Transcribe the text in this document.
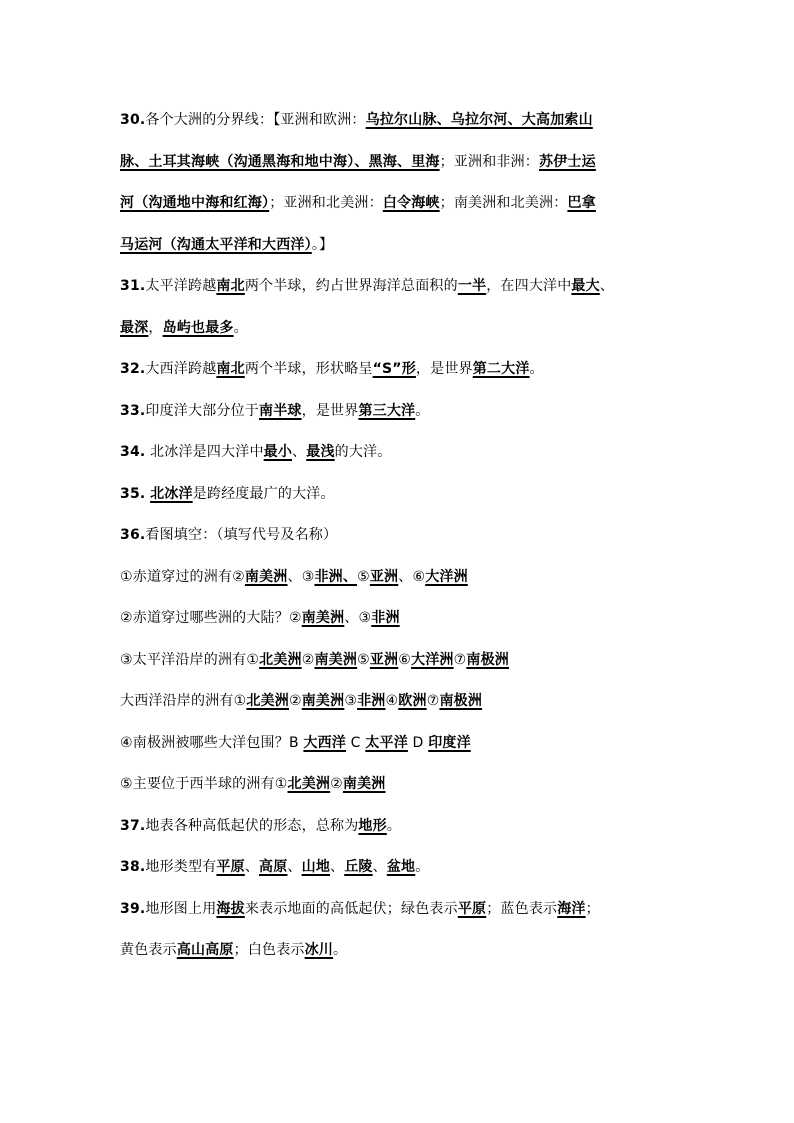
30.各个大洲的分界线：【亚洲和欧洲：乌拉尔山脉、乌拉尔河、大高加索山
脉、土耳其海峡（沟通黑海和地中海）、黑海、里海；亚洲和非洲：苏伊士运
河（沟通地中海和红海）；亚洲和北美洲：白令海峡；南美洲和北美洲：巴拿
马运河（沟通太平洋和大西洋）。】
31.太平洋跨越南北两个半球，约占世界海洋总面积的一半，在四大洋中最大、
最深，岛屿也最多。
32.大西洋跨越南北两个半球，形状略呈“S”形，是世界第二大洋。
33.印度洋大部分位于南半球，是世界第三大洋。
34. 北冰洋是四大洋中最小、最浅的大洋。
35. 北冰洋是跨经度最广的大洋。
36.看图填空：（填写代号及名称）
①赤道穿过的洲有②南美洲、③非洲、⑤亚洲、⑥大洋洲
②赤道穿过哪些洲的大陆？②南美洲、③非洲
③太平洋沿岸的洲有①北美洲②南美洲⑤亚洲⑥大洋洲⑦南极洲
大西洋沿岸的洲有①北美洲②南美洲③非洲④欧洲⑦南极洲
④南极洲被哪些大洋包围？B 大西洋 C 太平洋 D 印度洋
⑤主要位于西半球的洲有①北美洲②南美洲
37.地表各种高低起伏的形态，总称为地形。
38.地形类型有平原、高原、山地、丘陵、盆地。
39.地形图上用海拔来表示地面的高低起伏；绿色表示平原；蓝色表示海洋；
黄色表示高山高原；白色表示冰川。
